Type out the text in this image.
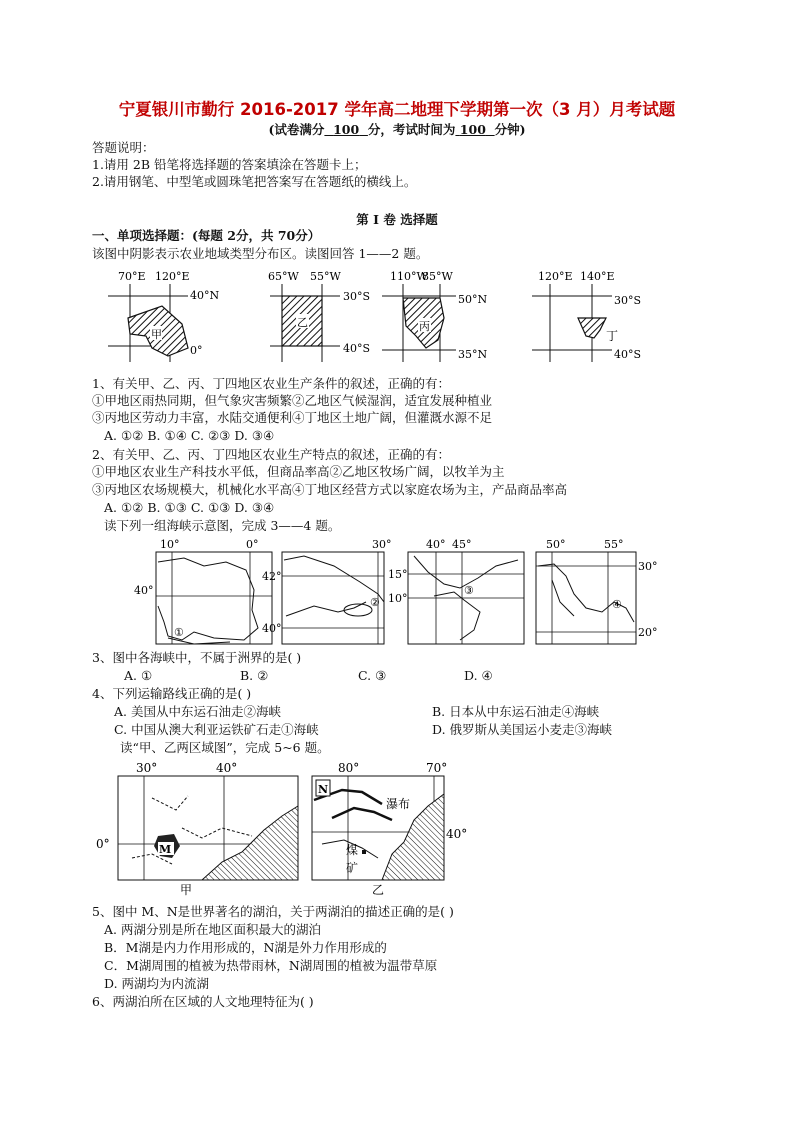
宁夏银川市勤行 2016-2017 学年高二地理下学期第一次（3 月）月考试题
(试卷满分 100 分，考试时间为 100 分钟)
答题说明：
1.请用 2B 铅笔将选择题的答案填涂在答题卡上；
2.请用钢笔、中型笔或圆珠笔把答案写在答题纸的横线上。
第 I 卷 选择题
一、单项选择题：(每题 2分，共 70分）
该图中阴影表示农业地域类型分布区。读图回答 1——2 题。
70°E 120°E
40°N
0°
甲
65°W 55°W
30°S
40°S
乙
110°W
85°W
50°N
35°N
丙
120°E 140°E
30°S
40°S
丁
1、有关甲、乙、丙、丁四地区农业生产条件的叙述，正确的有：
①甲地区雨热同期，但气象灾害频繁②乙地区气候湿润，适宜发展种植业
③丙地区劳动力丰富，水陆交通便利④丁地区土地广阔，但灌溉水源不足
A. ①② B. ①④ C. ②③ D. ③④
2、有关甲、乙、丙、丁四地区农业生产特点的叙述，正确的有：
①甲地区农业生产科技水平低，但商品率高②乙地区牧场广阔，以牧羊为主
③丙地区农场规模大，机械化水平高④丁地区经营方式以家庭农场为主，产品商品率高
A. ①② B. ①③ C. ①③ D. ③④
读下列一组海峡示意图，完成 3——4 题。
10°	0°
40°
①
30°
42°
40°
②
40° 45°
15°
10°
③
50°	55°
30°
20°
④
3、图中各海峡中，不属于洲界的是( )
A. ①	B. ②	C. ③	D. ④
4、下列运输路线正确的是( )
A. 美国从中东运石油走②海峡	B. 日本从中东运石油走④海峡
C. 中国从澳大利亚运铁矿石走①海峡	D. 俄罗斯从美国运小麦走③海峡
读“甲、乙两区域图”，完成 5~6 题。
30°	40°
0°	M
甲
80°	70°
40°
N
瀑布
煤
矿
乙
5、图中 M、N是世界著名的湖泊，关于两湖泊的描述正确的是( )
A. 两湖分别是所在地区面积最大的湖泊
B．M湖是内力作用形成的，N湖是外力作用形成的
C．M湖周围的植被为热带雨林，N湖周围的植被为温带草原
D. 两湖均为内流湖
6、两湖泊所在区域的人文地理特征为( )
